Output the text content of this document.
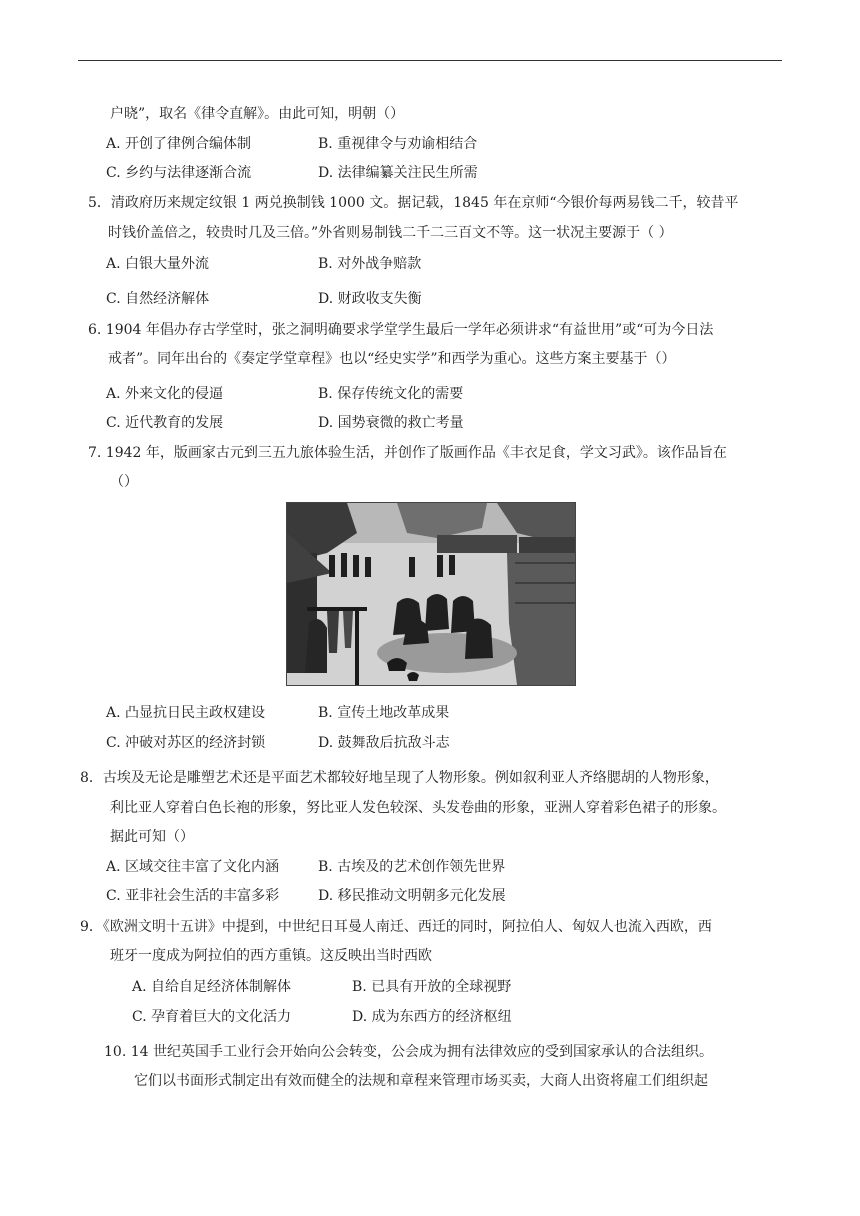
户晓”，取名《律令直解》。由此可知，明朝（）
A. 开创了律例合编体制	B. 重视律令与劝谕相结合
C. 乡约与法律逐渐合流	D. 法律编纂关注民生所需
5．清政府历来规定纹银 1 两兑换制钱 1000 文。据记载，1845 年在京师“今银价每两易钱二千，较昔平
时钱价盖倍之，较贵时几及三倍。”外省则易制钱二千二三百文不等。这一状况主要源于（ ）
A. 白银大量外流	B. 对外战争赔款
C. 自然经济解体	D. 财政收支失衡
6. 1904 年倡办存古学堂时，张之洞明确要求学堂学生最后一学年必须讲求“有益世用”或“可为今日法
戒者”。同年出台的《奏定学堂章程》也以“经史实学”和西学为重心。这些方案主要基于（）
A. 外来文化的侵逼	B. 保存传统文化的需要
C. 近代教育的发展	D. 国势衰微的救亡考量
7. 1942 年，版画家古元到三五九旅体验生活，并创作了版画作品《丰衣足食，学文习武》。该作品旨在
（）
A. 凸显抗日民主政权建设	B. 宣传土地改革成果
C. 冲破对苏区的经济封锁	D. 鼓舞敌后抗敌斗志
8．古埃及无论是雕塑艺术还是平面艺术都较好地呈现了人物形象。例如叙利亚人齐络腮胡的人物形象，
利比亚人穿着白色长袍的形象，努比亚人发色较深、头发卷曲的形象，亚洲人穿着彩色裙子的形象。
据此可知（）
A. 区域交往丰富了文化内涵	B. 古埃及的艺术创作领先世界
C. 亚非社会生活的丰富多彩	D. 移民推动文明朝多元化发展
9．《欧洲文明十五讲》中提到，中世纪日耳曼人南迁、西迁的同时，阿拉伯人、匈奴人也流入西欧，西
班牙一度成为阿拉伯的西方重镇。这反映出当时西欧
A. 自给自足经济体制解体	B. 已具有开放的全球视野
C. 孕育着巨大的文化活力	D. 成为东西方的经济枢纽
10. 14 世纪英国手工业行会开始向公会转变，公会成为拥有法律效应的受到国家承认的合法组织。
它们以书面形式制定出有效而健全的法规和章程来管理市场买卖，大商人出资将雇工们组织起
